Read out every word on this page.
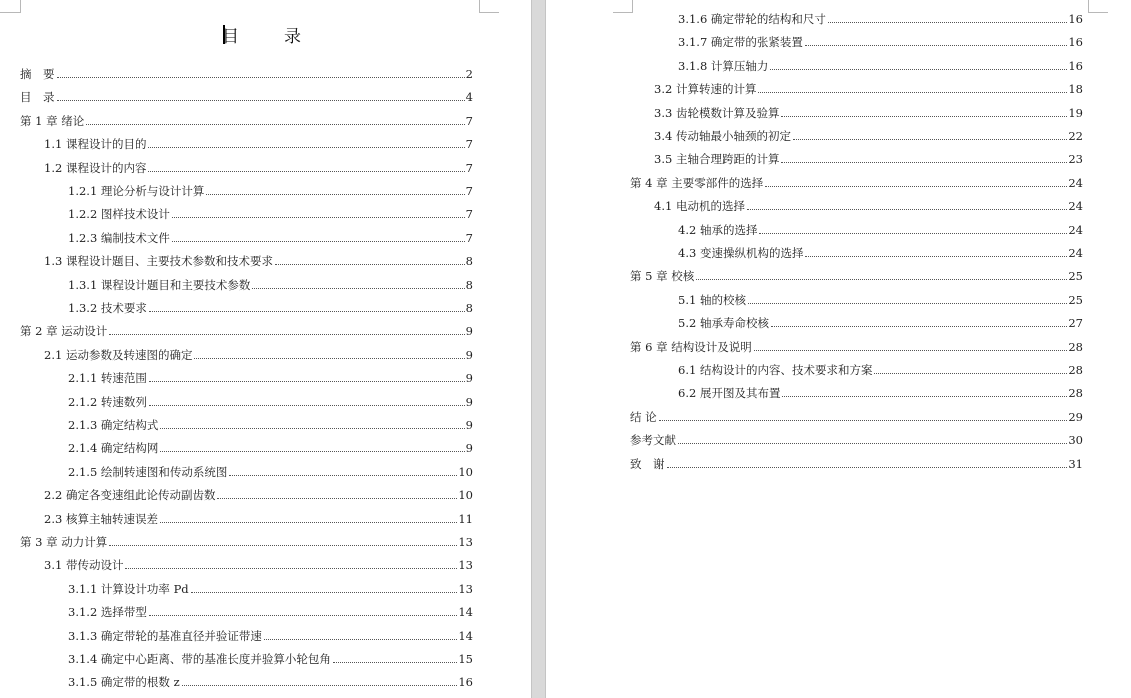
目　录
摘　要	2
目　录	4
第 1 章 绪论	7
1.1 课程设计的目的	7
1.2 课程设计的内容	7
1.2.1 理论分析与设计计算	7
1.2.2 图样技术设计	7
1.2.3 编制技术文件	7
1.3 课程设计题目、主要技术参数和技术要求	8
1.3.1 课程设计题目和主要技术参数	8
1.3.2 技术要求	8
第 2 章 运动设计	9
2.1 运动参数及转速图的确定	9
2.1.1 转速范围	9
2.1.2 转速数列	9
2.1.3 确定结构式	9
2.1.4 确定结构网	9
2.1.5 绘制转速图和传动系统图	10
2.2 确定各变速组此论传动副齿数	10
2.3 核算主轴转速误差	11
第 3 章 动力计算	13
3.1 带传动设计	13
3.1.1 计算设计功率 Pd	13
3.1.2 选择带型	14
3.1.3 确定带轮的基准直径并验证带速	14
3.1.4 确定中心距离、带的基准长度并验算小轮包角	15
3.1.5 确定带的根数 z	16
3.1.6 确定带轮的结构和尺寸	16
3.1.7 确定带的张紧装置	16
3.1.8 计算压轴力	16
3.2 计算转速的计算	18
3.3 齿轮模数计算及验算	19
3.4 传动轴最小轴颈的初定	22
3.5 主轴合理跨距的计算	23
第 4 章 主要零部件的选择	24
4.1 电动机的选择	24
4.2 轴承的选择	24
4.3 变速操纵机构的选择	24
第 5 章 校核	25
5.1 轴的校核	25
5.2 轴承寿命校核	27
第 6 章 结构设计及说明	28
6.1 结构设计的内容、技术要求和方案	28
6.2 展开图及其布置	28
结 论	29
参考文献	30
致　谢	31
